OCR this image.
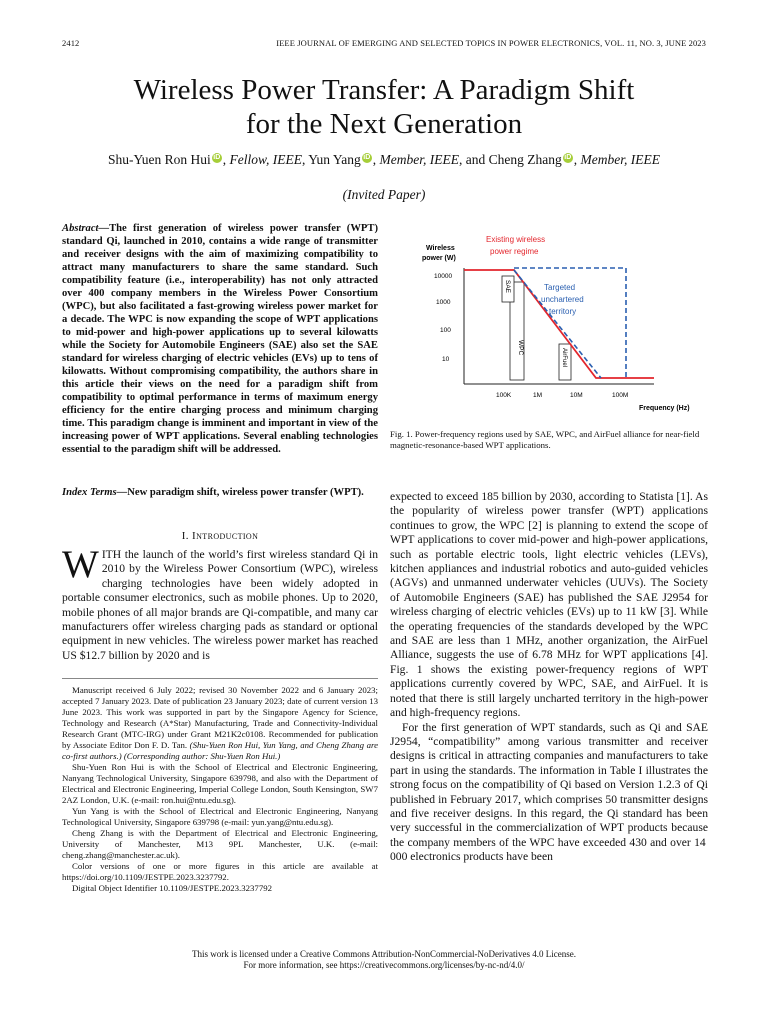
2412	IEEE JOURNAL OF EMERGING AND SELECTED TOPICS IN POWER ELECTRONICS, VOL. 11, NO. 3, JUNE 2023
Wireless Power Transfer: A Paradigm Shift
for the Next Generation
Shu-Yuen Ron Hui iD , Fellow, IEEE, Yun Yang iD , Member, IEEE, and Cheng Zhang iD , Member, IEEE
(Invited Paper)
Abstract—The first generation of wireless power transfer (WPT) standard Qi, launched in 2010, contains a wide range of transmitter and receiver designs with the aim of maximizing compatibility to attract many manufacturers to share the same standard. Such compatibility feature (i.e., interoperability) has not only attracted over 400 company members in the Wireless Power Consortium (WPC), but also facilitated a fast-growing wireless power market for a decade. The WPC is now expanding the scope of WPT applications to mid-power and high-power applications up to several kilowatts while the Society for Automobile Engineers (SAE) also set the SAE standard for wireless charging of electric vehicles (EVs) up to tens of kilowatts. Without compromising compatibility, the authors share in this article their views on the need for a paradigm shift from compatibility to optimal performance in terms of maximum energy efficiency for the entire charging process and minimum charging time. This paradigm change is imminent and important in view of the increasing power of WPT applications. Several enabling technologies essential to the paradigm shift will be addressed.
Index Terms—New paradigm shift, wireless power transfer (WPT).
I. Introduction
WITH the launch of the world’s first wireless standard Qi in 2010 by the Wireless Power Consortium (WPC), wireless charging technologies have been widely adopted in portable consumer electronics, such as mobile phones. Up to 2020, mobile phones of all major brands are Qi-compatible, and many car manufacturers offer wireless charging pads as standard or optional equipment in new vehicles. The wireless power market has reached US $12.7 billion by 2020 and is

Manuscript received 6 July 2022; revised 30 November 2022 and 6 January 2023; accepted 7 January 2023. Date of publication 23 January 2023; date of current version 13 June 2023. This work was supported in part by the Singapore Agency for Science, Technology and Research (A*Star) Manufacturing, Trade and Connectivity-Individual Research Grant (MTC-IRG) under Grant M21K2c0108. Recommended for publication by Associate Editor Don F. D. Tan. (Shu-Yuen Ron Hui, Yun Yang, and Cheng Zhang are co-first authors.) (Corresponding author: Shu-Yuen Ron Hui.)

Shu-Yuen Ron Hui is with the School of Electrical and Electronic Engineering, Nanyang Technological University, Singapore 639798, and also with the Department of Electrical and Electronic Engineering, Imperial College London, South Kensington, SW7 2AZ London, U.K. (e-mail: ron.hui@ntu.edu.sg).

Yun Yang is with the School of Electrical and Electronic Engineering, Nanyang Technological University, Singapore 639798 (e-mail: yun.yang@ntu.edu.sg).

Cheng Zhang is with the Department of Electrical and Electronic Engineering, University of Manchester, M13 9PL Manchester, U.K. (e-mail: cheng.zhang@manchester.ac.uk).

Color versions of one or more figures in this article are available at https://doi.org/10.1109/JESTPE.2023.3237792.

Digital Object Identifier 10.1109/JESTPE.2023.3237792

Wireless
power (W)
10000
1000
100
10
WPC
SAE
AirFuel
Existing wireless
power regime
Targeted
unchartered
territory
100K	1M	10M	100M
Frequency (Hz)
Fig. 1. Power-frequency regions used by SAE, WPC, and AirFuel alliance for near-field magnetic-resonance-based WPT applications.

expected to exceed 185 billion by 2030, according to Statista [1]. As the popularity of wireless power transfer (WPT) applications continues to grow, the WPC [2] is planning to extend the scope of WPT applications to cover mid-power and high-power applications, such as portable electric tools, light electric vehicles (LEVs), kitchen appliances and industrial robotics and auto-guided vehicles (AGVs) and unmanned underwater vehicles (UUVs). The Society of Automobile Engineers (SAE) has published the SAE J2954 for wireless charging of electric vehicles (EVs) up to 11 kW [3]. While the operating frequencies of the standards developed by the WPC and SAE are less than 1 MHz, another organization, the AirFuel Alliance, suggests the use of 6.78 MHz for WPT applications [4]. Fig. 1 shows the existing power-frequency regions of WPT applications currently covered by WPC, SAE, and AirFuel. It is noted that there is still largely uncharted territory in the high-power and high-frequency regions.

For the first generation of WPT standards, such as Qi and SAE J2954, “compatibility” among various transmitter and receiver designs is critical in attracting companies and manufacturers to take part in using the standards. The information in Table I illustrates the strong focus on the compatibility of Qi based on Version 1.2.3 of Qi published in February 2017, which comprises 50 transmitter designs and five receiver designs. In this regard, the Qi standard has been very successful in the commercialization of WPT products because the company members of the WPC have exceeded 430 and over 14 000 electronics products have been

This work is licensed under a Creative Commons Attribution-NonCommercial-NoDerivatives 4.0 License.
For more information, see https://creativecommons.org/licenses/by-nc-nd/4.0/
